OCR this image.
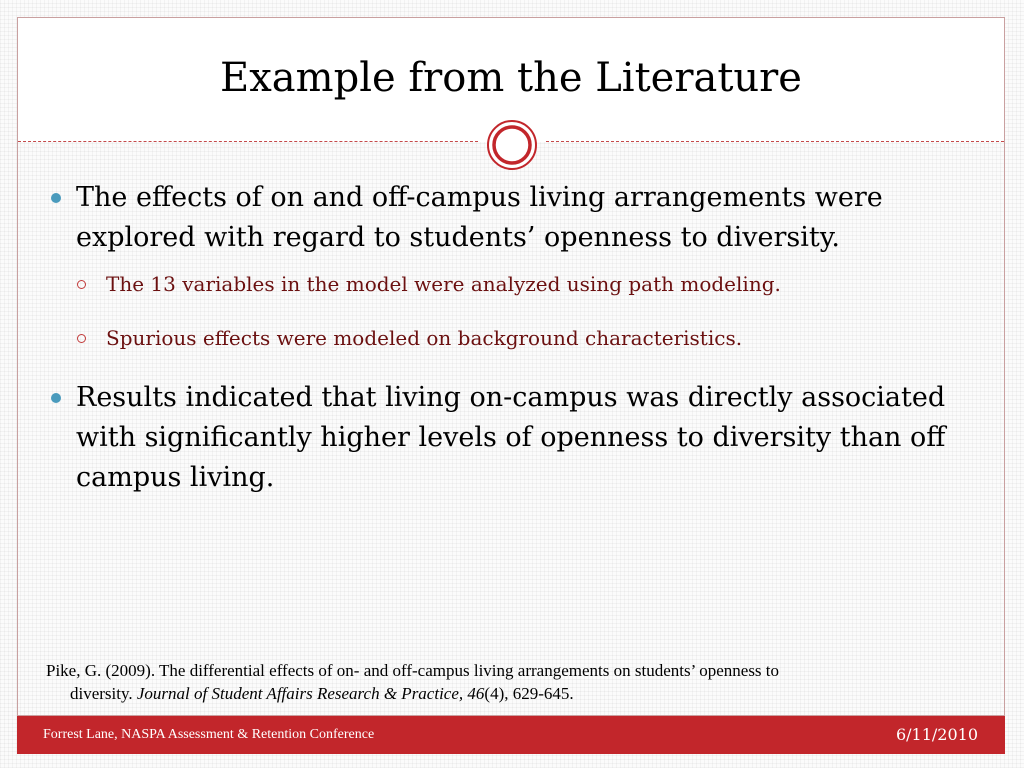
Example from the Literature

The effects of on and off-campus living arrangements were explored with regard to students’ openness to diversity.

The 13 variables in the model were analyzed using path modeling.

Spurious effects were modeled on background characteristics.

Results indicated that living on-campus was directly associated with significantly higher levels of openness to diversity than off campus living.

Pike, G. (2009). The differential effects of on- and off-campus living arrangements on students’ openness to
diversity. Journal of Student Affairs Research & Practice, 46(4), 629-645.
Forrest Lane, NASPA Assessment & Retention Conference	6/11/2010
